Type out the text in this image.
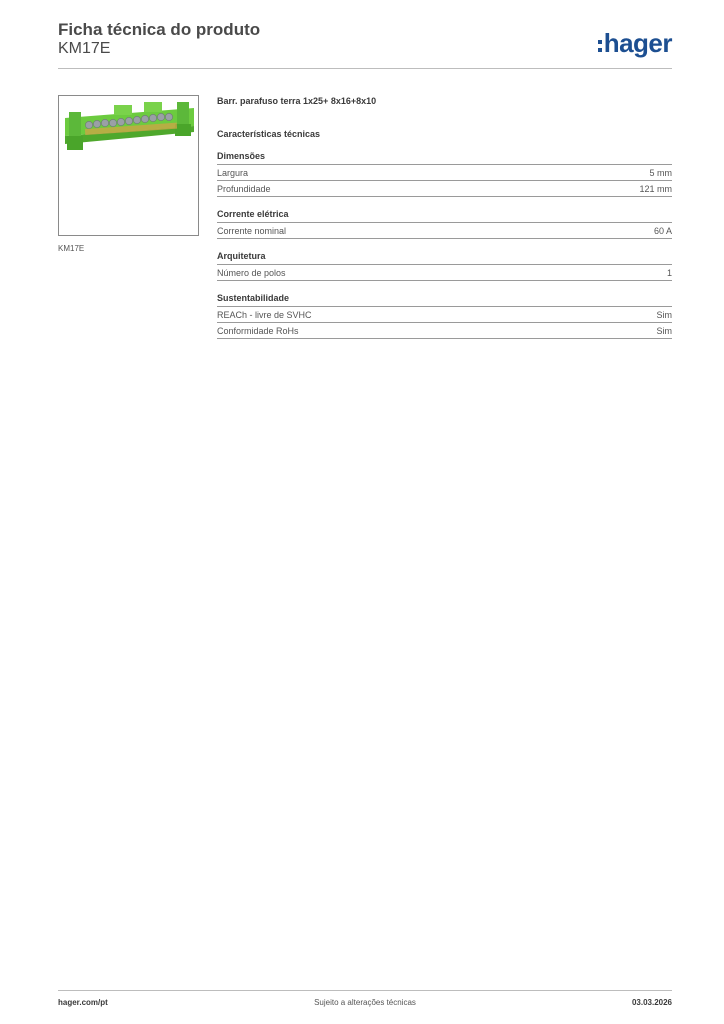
Ficha técnica do produto
KM17E	hager
KM17E
Barr. parafuso terra 1x25+ 8x16+8x10
Características técnicas
Dimensões
Largura	5 mm
Profundidade	121 mm
Corrente elétrica
Corrente nominal	60 A
Arquitetura
Número de polos	1
Sustentabilidade
REACh - livre de SVHC	Sim
Conformidade RoHs	Sim
hager.com/pt	Sujeito a alterações técnicas	03.03.2026
